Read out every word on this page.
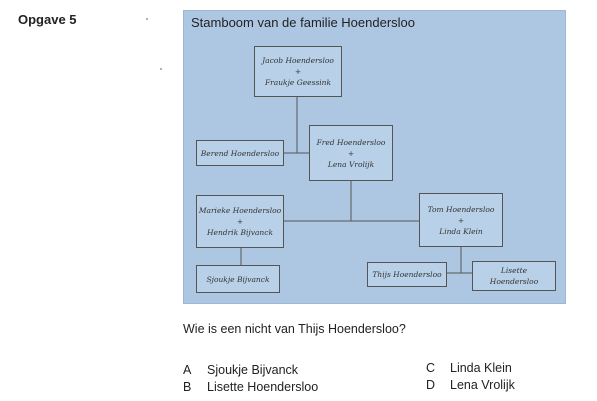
Opgave 5	Stamboom van de familie Hoendersloo
Jacob Hoendersloo
+
Fraukje Geessink
Berend Hoendersloo
Fred Hoendersloo
+
Lena Vrolijk
Marieke Hoendersloo
+
Hendrik Bijvanck
Tom Hoendersloo
+
Linda Klein
Sjoukje Bijvanck	Thijs Hoendersloo	Lisette
Hoendersloo
Wie is een nicht van Thijs Hoendersloo?
A Sjoukje Bijvanck
B Lisette Hoendersloo
C Linda Klein
D Lena Vrolijk
